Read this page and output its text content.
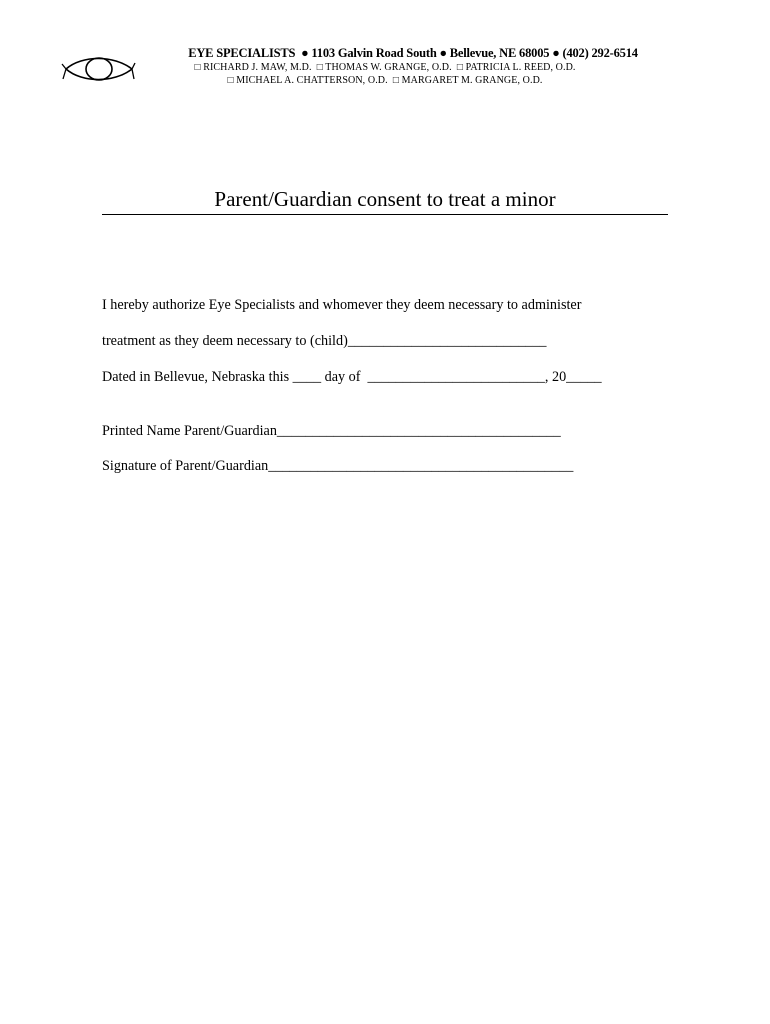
EYE SPECIALISTS  ● 1103 Galvin Road South ● Bellevue, NE 68005 ● (402) 292-6514
□ RICHARD J. MAW, M.D.  □ THOMAS W. GRANGE, O.D.  □ PATRICIA L. REED, O.D.
□ MICHAEL A. CHATTERSON, O.D.  □ MARGARET M. GRANGE, O.D.
Parent/Guardian consent to treat a minor
I hereby authorize Eye Specialists and whomever they deem necessary to administer
treatment as they deem necessary to (child)____________________________
Dated in Bellevue, Nebraska this ____ day of  _________________________, 20_____
Printed Name Parent/Guardian________________________________________
Signature of Parent/Guardian___________________________________________
